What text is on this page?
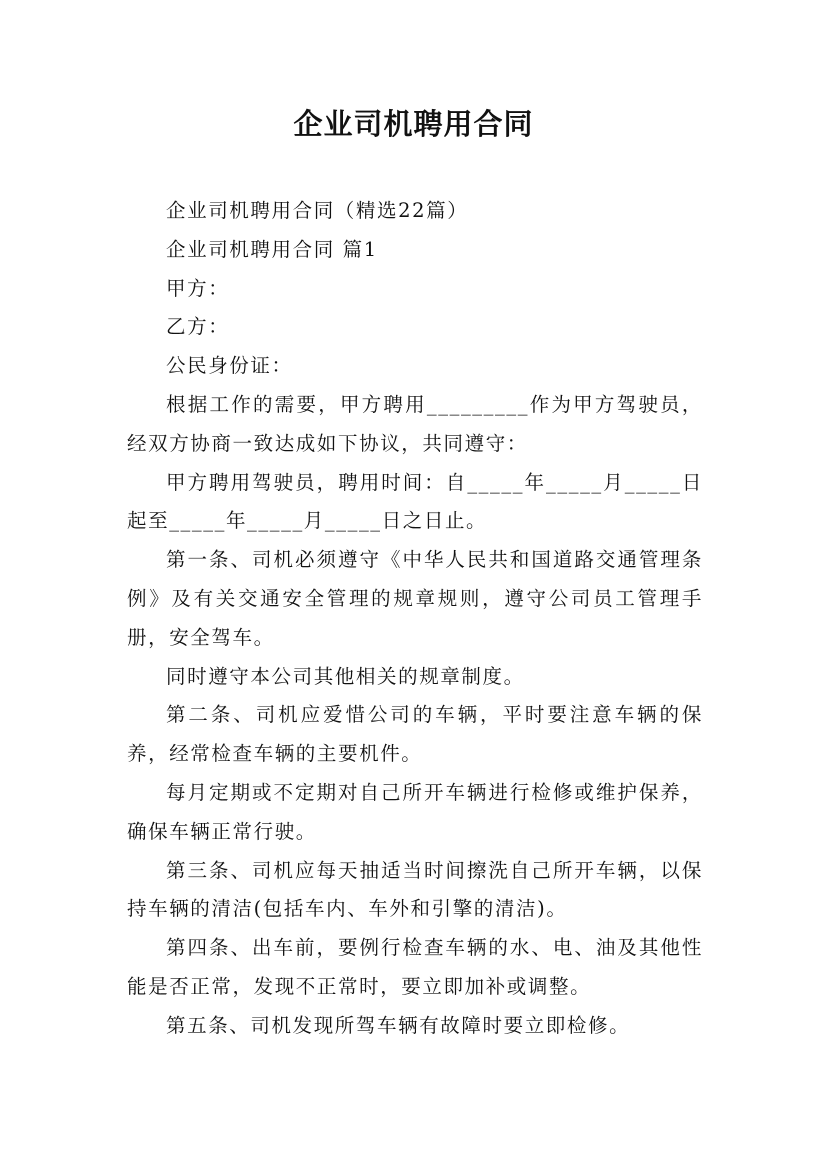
企业司机聘用合同

企业司机聘用合同（精选22篇）

企业司机聘用合同 篇1

甲方：

乙方：

公民身份证：

根据工作的需要，甲方聘用_________作为甲方驾驶员，经双方协商一致达成如下协议，共同遵守：

甲方聘用驾驶员，聘用时间：自_____年_____月_____日起至_____年_____月_____日之日止。

第一条、司机必须遵守《中华人民共和国道路交通管理条例》及有关交通安全管理的规章规则，遵守公司员工管理手册，安全驾车。

同时遵守本公司其他相关的规章制度。

第二条、司机应爱惜公司的车辆，平时要注意车辆的保养，经常检查车辆的主要机件。

每月定期或不定期对自己所开车辆进行检修或维护保养，确保车辆正常行驶。

第三条、司机应每天抽适当时间擦洗自己所开车辆，以保持车辆的清洁(包括车内、车外和引擎的清洁)。

第四条、出车前，要例行检查车辆的水、电、油及其他性能是否正常，发现不正常时，要立即加补或调整。

第五条、司机发现所驾车辆有故障时要立即检修。
